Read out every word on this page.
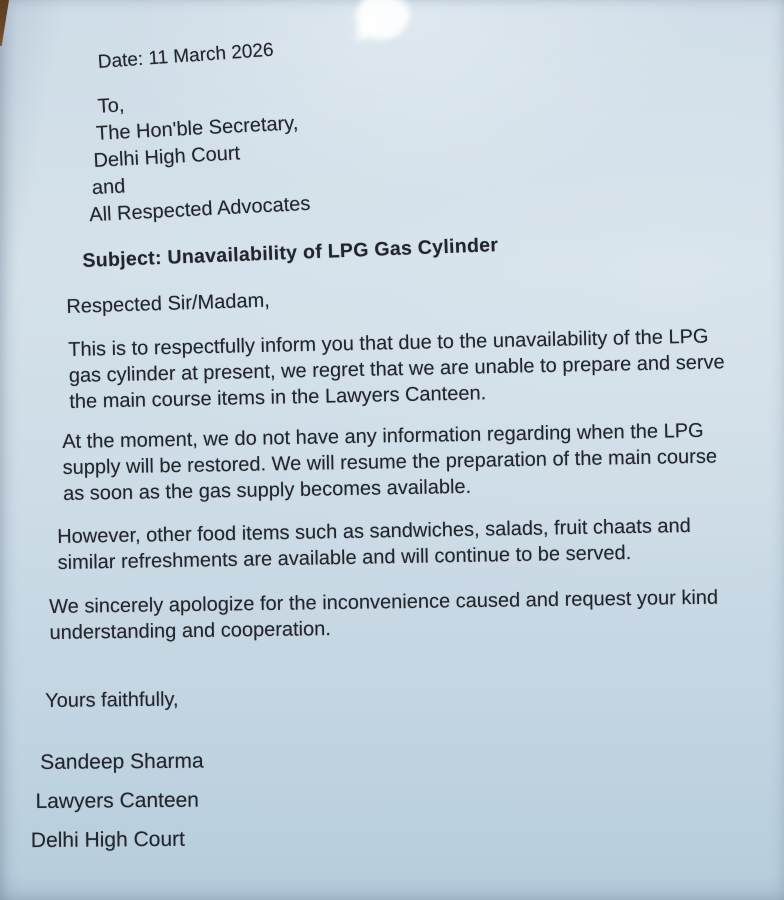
Date: 11 March 2026
To,
The Hon'ble Secretary,
Delhi High Court
and
All Respected Advocates
Subject: Unavailability of LPG Gas Cylinder
Respected Sir/Madam,
This is to respectfully inform you that due to the unavailability of the LPG
gas cylinder at present, we regret that we are unable to prepare and serve
the main course items in the Lawyers Canteen.
At the moment, we do not have any information regarding when the LPG
supply will be restored. We will resume the preparation of the main course
as soon as the gas supply becomes available.
However, other food items such as sandwiches, salads, fruit chaats and
similar refreshments are available and will continue to be served.
We sincerely apologize for the inconvenience caused and request your kind
understanding and cooperation.
Yours faithfully,
Sandeep Sharma
Lawyers Canteen
Delhi High Court
